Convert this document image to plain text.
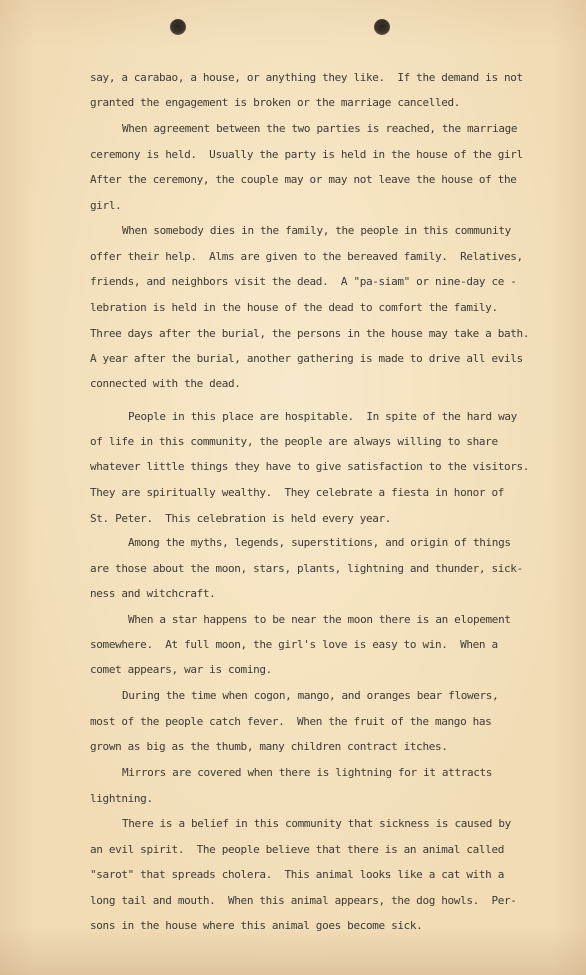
say, a carabao, a house, or anything they like.  If the demand is not

granted the engagement is broken or the marriage cancelled.

When agreement between the two parties is reached, the marriage

ceremony is held.  Usually the party is held in the house of the girl

After the ceremony, the couple may or may not leave the house of the

girl.

When somebody dies in the family, the people in this community

offer their help.  Alms are given to the bereaved family.  Relatives,

friends, and neighbors visit the dead.  A "pa-siam" or nine-day ce -

lebration is held in the house of the dead to comfort the family.

Three days after the burial, the persons in the house may take a bath.

A year after the burial, another gathering is made to drive all evils

connected with the dead.

People in this place are hospitable.  In spite of the hard way

of life in this community, the people are always willing to share

whatever little things they have to give satisfaction to the visitors.

They are spiritually wealthy.  They celebrate a fiesta in honor of

St. Peter.  This celebration is held every year.

Among the myths, legends, superstitions, and origin of things

are those about the moon, stars, plants, lightning and thunder, sick-

ness and witchcraft.

When a star happens to be near the moon there is an elopement

somewhere.  At full moon, the girl's love is easy to win.  When a

comet appears, war is coming.

During the time when cogon, mango, and oranges bear flowers,

most of the people catch fever.  When the fruit of the mango has

grown as big as the thumb, many children contract itches.

Mirrors are covered when there is lightning for it attracts

lightning.

There is a belief in this community that sickness is caused by

an evil spirit.  The people believe that there is an animal called

"sarot" that spreads cholera.  This animal looks like a cat with a

long tail and mouth.  When this animal appears, the dog howls.  Per-

sons in the house where this animal goes become sick.
